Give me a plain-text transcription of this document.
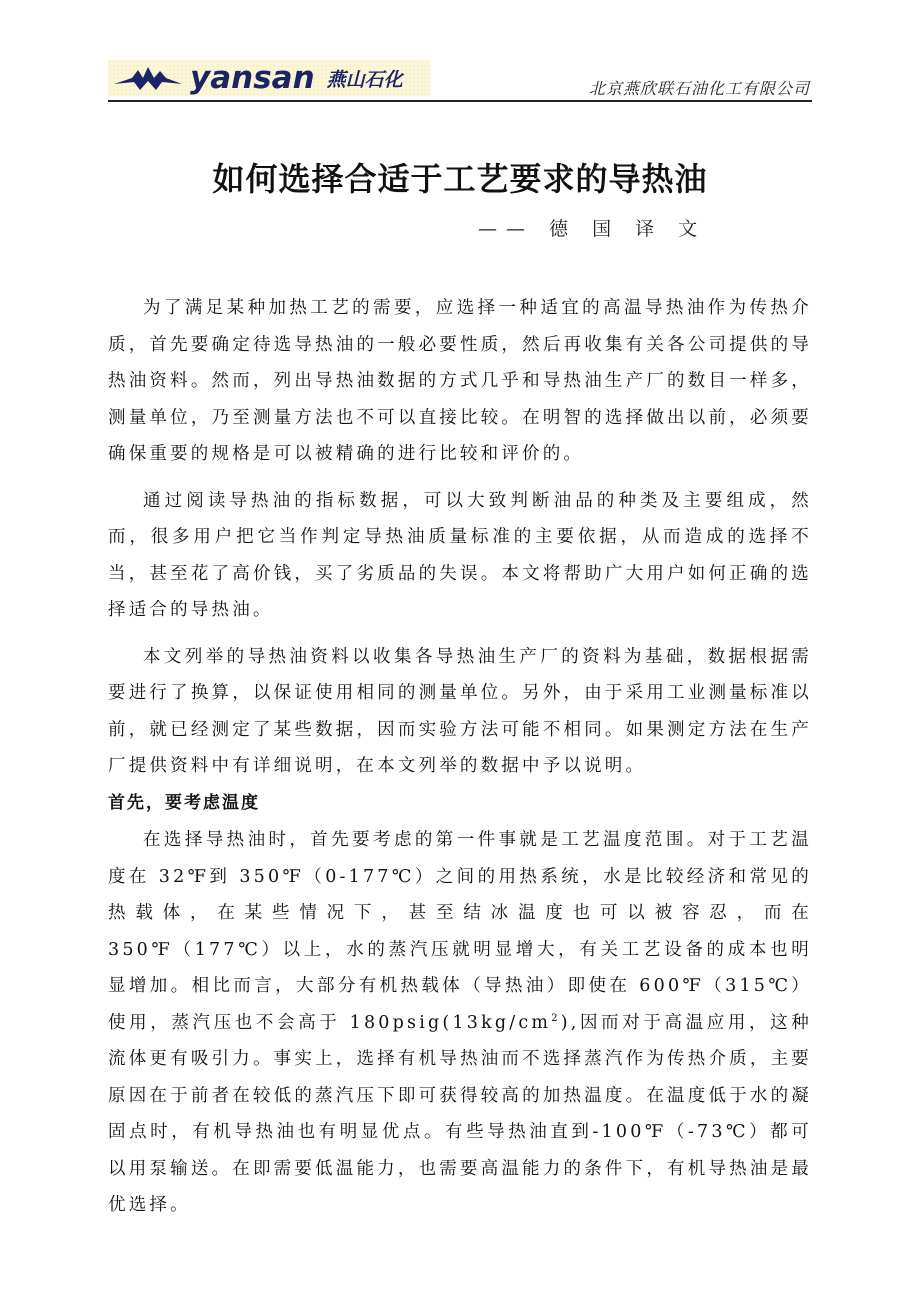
yansan 燕山石化	北京燕欣联石油化工有限公司
如何选择合适于工艺要求的导热油
—— 德 国 译 文

为了满足某种加热工艺的需要，应选择一种适宜的高温导热油作为传热介质，首先要确定待选导热油的一般必要性质，然后再收集有关各公司提供的导热油资料。然而，列出导热油数据的方式几乎和导热油生产厂的数目一样多，测量单位，乃至测量方法也不可以直接比较。在明智的选择做出以前，必须要确保重要的规格是可以被精确的进行比较和评价的。

通过阅读导热油的指标数据，可以大致判断油品的种类及主要组成，然而，很多用户把它当作判定导热油质量标准的主要依据，从而造成的选择不当，甚至花了高价钱，买了劣质品的失误。本文将帮助广大用户如何正确的选择适合的导热油。

本文列举的导热油资料以收集各导热油生产厂的资料为基础，数据根据需要进行了换算，以保证使用相同的测量单位。另外，由于采用工业测量标准以前，就已经测定了某些数据，因而实验方法可能不相同。如果测定方法在生产厂提供资料中有详细说明，在本文列举的数据中予以说明。

首先，要考虑温度

在选择导热油时，首先要考虑的第一件事就是工艺温度范围。对于工艺温度在 32℉到 350℉（0-177℃）之间的用热系统，水是比较经济和常见的热载体，在某些情况下，甚至结冰温度也可以被容忍，而在 350℉（177℃）以上，水的蒸汽压就明显增大，有关工艺设备的成本也明显增加。相比而言，大部分有机热载体（导热油）即使在 600℉（315℃）使用，蒸汽压也不会高于 $180psig(13kg/cm^2)$,因而对于高温应用，这种流体更有吸引力。事实上，选择有机导热油而不选择蒸汽作为传热介质，主要原因在于前者在较低的蒸汽压下即可获得较高的加热温度。在温度低于水的凝固点时，有机导热油也有明显优点。有些导热油直到-100℉（-73℃）都可以用泵输送。在即需要低温能力，也需要高温能力的条件下，有机导热油是最优选择。
